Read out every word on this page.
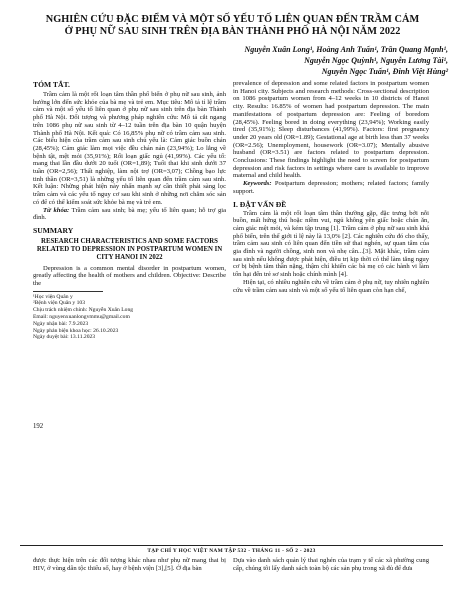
NGHIÊN CỨU ĐẶC ĐIỂM VÀ MỘT SỐ YẾU TỐ LIÊN QUAN ĐẾN TRẦM CẢM
Ở PHỤ NỮ SAU SINH TRÊN ĐỊA BÀN THÀNH PHỐ HÀ NỘI NĂM 2022
Nguyễn Xuân Long¹, Hoàng Anh Tuấn¹, Trần Quang Mạnh¹,
Nguyễn Ngọc Quỳnh¹, Nguyễn Lương Tài¹,
Nguyễn Ngọc Tuấn¹, Đinh Việt Hùng²
TÓM TẮT.

Trầm cảm là một rối loạn tâm thần phổ biến ở phụ nữ sau sinh, ảnh hưởng lớn đến sức khỏe của bà mẹ và trẻ em. Mục tiêu: Mô tả tỉ lệ trầm cảm và một số yếu tố liên quan ở phụ nữ sau sinh trên địa bàn Thành phố Hà Nội. Đối tượng và phương pháp nghiên cứu: Mô tả cắt ngang trên 1086 phụ nữ sau sinh từ 4–12 tuần trên địa bàn 10 quận huyện Thành phố Hà Nội. Kết quả: Có 16,85% phụ nữ có trầm cảm sau sinh. Các biểu hiện của trầm cảm sau sinh chủ yếu là: Cảm giác buồn chán (28,45%); Cảm giác làm mọi việc đều chán nản (23,94%); Lo lắng về bệnh tật, mệt mỏi (35,91%); Rối loạn giấc ngủ (41,99%). Các yếu tố: mang thai lần đầu dưới 20 tuổi (OR=1,89); Tuổi thai khi sinh dưới 37 tuần (OR=2,56); Thất nghiệp, làm nội trợ (OR=3,07); Chồng bạo lực tinh thần (OR=3,51) là những yếu tố liên quan đến trầm cảm sau sinh. Kết luận: Những phát hiện này nhấn mạnh sự cần thiết phải sàng lọc trầm cảm và các yếu tố nguy cơ sau khi sinh ở những nơi chăm sóc sản có để có thể kiểm soát sức khỏe bà mẹ và trẻ em.

Từ khóa: Trầm cảm sau sinh; bà mẹ; yếu tố liên quan; hỗ trợ gia đình.

SUMMARY
RESEARCH CHARACTERISTICS AND SOME FACTORS RELATED TO DEPRESSION IN POSTPARTUM WOMEN IN CITY HANOI IN 2022

Depression is a common mental disorder in postpartum women, greatly affecting the health of mothers and children. Objective: Describe the

¹Học viện Quân y
²Bệnh viện Quân y 103
Chịu trách nhiệm chính: Nguyễn Xuân Long
Email: nguyenxuanlongvmmu@gmail.com
Ngày nhận bài: 7.9.2023
Ngày phản biện khoa học: 26.10.2023
Ngày duyệt bài: 13.11.2023

prevalence of depression and some related factors in postpartum women in Hanoi city. Subjects and research methods: Cross-sectional description on 1086 postpartum women from 4–12 weeks in 10 districts of Hanoi city. Results: 16.85% of women had postpartum depression. The main manifestations of postpartum depression are: Feeling of boredom (28,45%). Feeling bored in doing everything (23,94%); Working easily tired (35,91%); Sleep disturbances (41,99%). Factors: first pregnancy under 20 years old (OR=1.89); Gestational age at birth less than 37 weeks (OR=2.56); Unemployment, housework (OR=3.07); Mentally abusive husband (OR=3.51) are factors related to postpartum depression. Conclusions: These findings highlight the need to screen for postpartum depression and risk factors in settings where care is available to improve maternal and child health.

Keywords: Postpartum depression; mothers; related factors; family support.

I. ĐẶT VẤN ĐỀ

Trầm cảm là một rối loạn tâm thần thường gặp, đặc trưng bởi nỗi buồn, mất hứng thú hoặc niềm vui, ngủ không yên giấc hoặc chán ăn, cảm giác mệt mỏi, và kém tập trung [1]. Trầm cảm ở phụ nữ sau sinh khá phổ biến, trên thế giới tỉ lệ này là 13,0% [2]. Các nghiên cứu đó cho thấy, trầm cảm sau sinh có liên quan đến tiền sử thai nghén, sự quan tâm của gia đình và người chồng, sinh non và nhẹ cân...[3]. Mặt khác, trầm cảm sau sinh nếu không được phát hiện, điều trị kịp thời có thể làm tăng nguy cơ bị bệnh tâm thần nặng, thậm chí khiến các bà mẹ có các hành vi làm tổn hại đến trẻ sơ sinh hoặc chính mình [4].

Hiện tại, có nhiều nghiên cứu về trầm cảm ở phụ nữ, tuy nhiên nghiên cứu về trầm cảm sau sinh và một số yếu tố liên quan còn hạn chế,

192
TẠP CHÍ Y HỌC VIỆT NAM TẬP 532 - THÁNG 11 - SỐ 2 - 2023
được thực hiện trên các đối tượng khác nhau như phụ nữ mang thai bị HIV, ở vùng dân tộc thiểu số, hay ở bệnh viện [3],[5]. Ở địa bàn
Dựa vào danh sách quản lý thai nghén của trạm y tế các xã phường cung cấp, chúng tôi lấy danh sách toàn bộ các sản phụ trong xã đủ để đưa
